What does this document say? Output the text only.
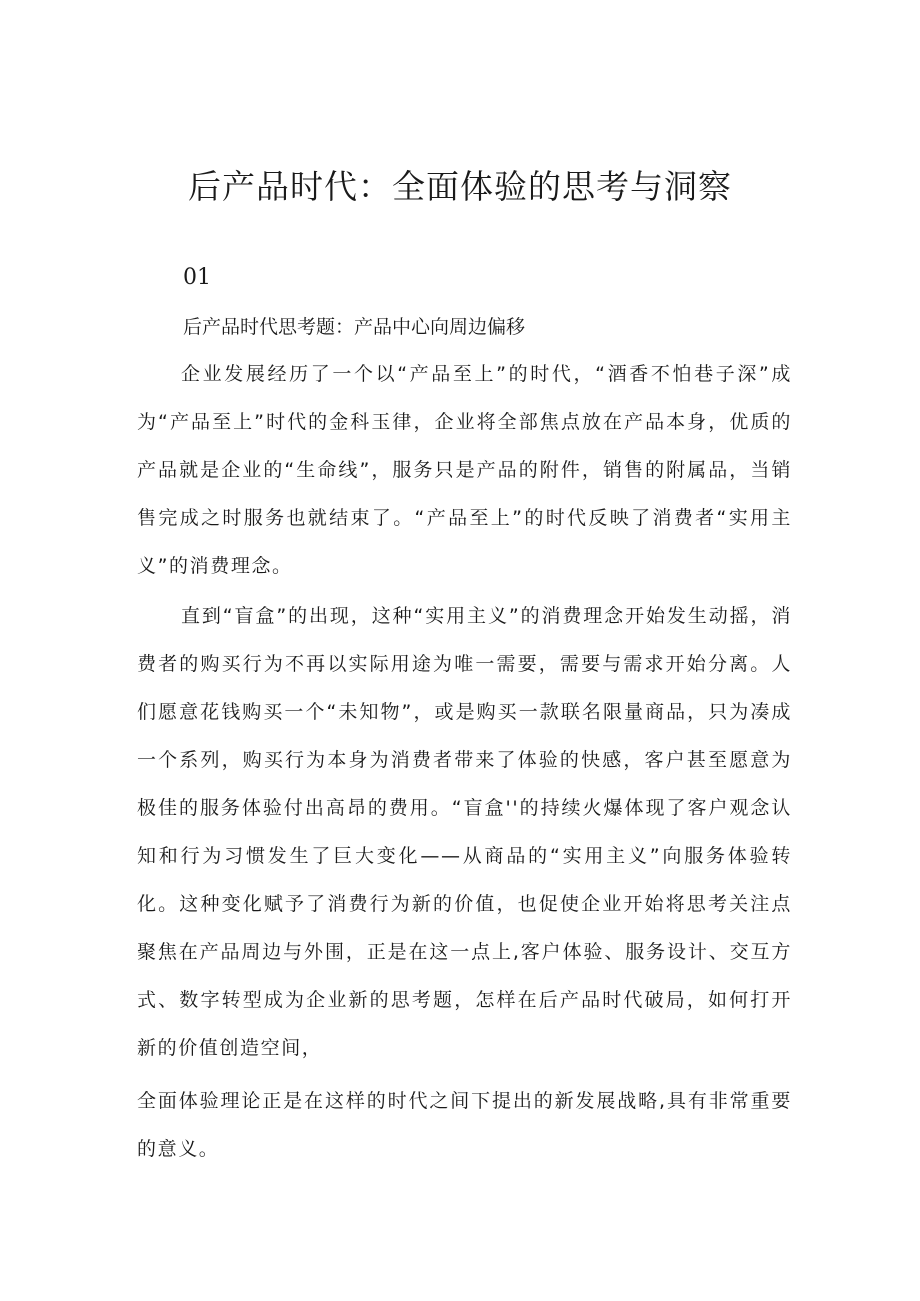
后产品时代：全面体验的思考与洞察

01

后产品时代思考题：产品中心向周边偏移

企业发展经历了一个以“产品至上”的时代，“酒香不怕巷子深”成为“产品至上”时代的金科玉律，企业将全部焦点放在产品本身，优质的产品就是企业的“生命线”，服务只是产品的附件，销售的附属品，当销售完成之时服务也就结束了。“产品至上”的时代反映了消费者“实用主义”的消费理念。

直到“盲盒”的出现，这种“实用主义”的消费理念开始发生动摇，消费者的购买行为不再以实际用途为唯一需要，需要与需求开始分离。人们愿意花钱购买一个“未知物”，或是购买一款联名限量商品，只为凑成一个系列，购买行为本身为消费者带来了体验的快感，客户甚至愿意为极佳的服务体验付出高昂的费用。“盲盒''的持续火爆体现了客户观念认知和行为习惯发生了巨大变化——从商品的“实用主义”向服务体验转化。这种变化赋予了消费行为新的价值，也促使企业开始将思考关注点聚焦在产品周边与外围，正是在这一点上,客户体验、服务设计、交互方式、数字转型成为企业新的思考题，怎样在后产品时代破局，如何打开新的价值创造空间，

全面体验理论正是在这样的时代之间下提出的新发展战略,具有非常重要的意义。
